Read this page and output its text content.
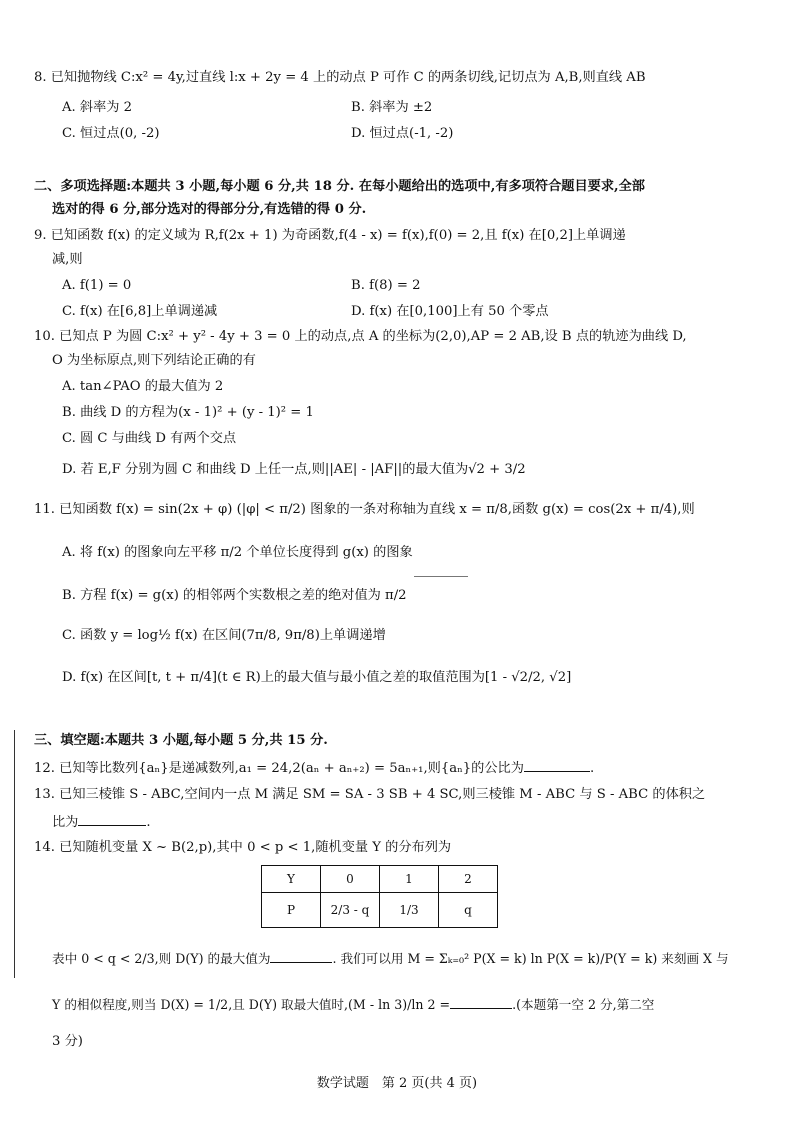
8. 已知抛物线 C:x² = 4y,过直线 l:x + 2y = 4 上的动点 P 可作 C 的两条切线,记切点为 A,B,则直线 AB
A. 斜率为 2	B. 斜率为 ±2
C. 恒过点(0, -2)	D. 恒过点(-1, -2)
二、多项选择题:本题共 3 小题,每小题 6 分,共 18 分. 在每小题给出的选项中,有多项符合题目要求,全部
选对的得 6 分,部分选对的得部分分,有选错的得 0 分.
9. 已知函数 f(x) 的定义域为 R,f(2x + 1) 为奇函数,f(4 - x) = f(x),f(0) = 2,且 f(x) 在[0,2]上单调递
减,则
A. f(1) = 0	B. f(8) = 2
C. f(x) 在[6,8]上单调递减	D. f(x) 在[0,100]上有 50 个零点
10. 已知点 P 为圆 C:x² + y² - 4y + 3 = 0 上的动点,点 A 的坐标为(2,0),AP = 2 AB,设 B 点的轨迹为曲线 D,
O 为坐标原点,则下列结论正确的有
A. tan∠PAO 的最大值为 2
B. 曲线 D 的方程为(x - 1)² + (y - 1)² = 1
C. 圆 C 与曲线 D 有两个交点
D. 若 E,F 分别为圆 C 和曲线 D 上任一点,则||AE| - |AF||的最大值为√2 + 3/2
11. 已知函数 f(x) = sin(2x + φ) (|φ| < π/2) 图象的一条对称轴为直线 x = π/8,函数 g(x) = cos(2x + π/4),则
A. 将 f(x) 的图象向左平移 π/2 个单位长度得到 g(x) 的图象
B. 方程 f(x) = g(x) 的相邻两个实数根之差的绝对值为 π/2
C. 函数 y = log½ f(x) 在区间(7π/8, 9π/8)上单调递增
D. f(x) 在区间[t, t + π/4](t ∈ R)上的最大值与最小值之差的取值范围为[1 - √2/2, √2]
三、填空题:本题共 3 小题,每小题 5 分,共 15 分.
12. 已知等比数列{aₙ}是递减数列,a₁ = 24,2(aₙ + aₙ₊₂) = 5aₙ₊₁,则{aₙ}的公比为	.
13. 已知三棱锥 S - ABC,空间内一点 M 满足 SM = SA - 3 SB + 4 SC,则三棱锥 M - ABC 与 S - ABC 的体积之
比为	.
14. 已知随机变量 X ~ B(2,p),其中 0 < p < 1,随机变量 Y 的分布列为
Y	0	1	2
P	2/3 - q	1/3	q
表中 0 < q < 2/3,则 D(Y) 的最大值为	. 我们可以用 M = Σₖ₌₀² P(X = k) ln P(X = k)/P(Y = k) 来刻画 X 与
Y 的相似程度,则当 D(X) = 1/2,且 D(Y) 取最大值时,(M - ln 3)/ln 2 =	.(本题第一空 2 分,第二空
3 分)
数学试题　第 2 页(共 4 页)
